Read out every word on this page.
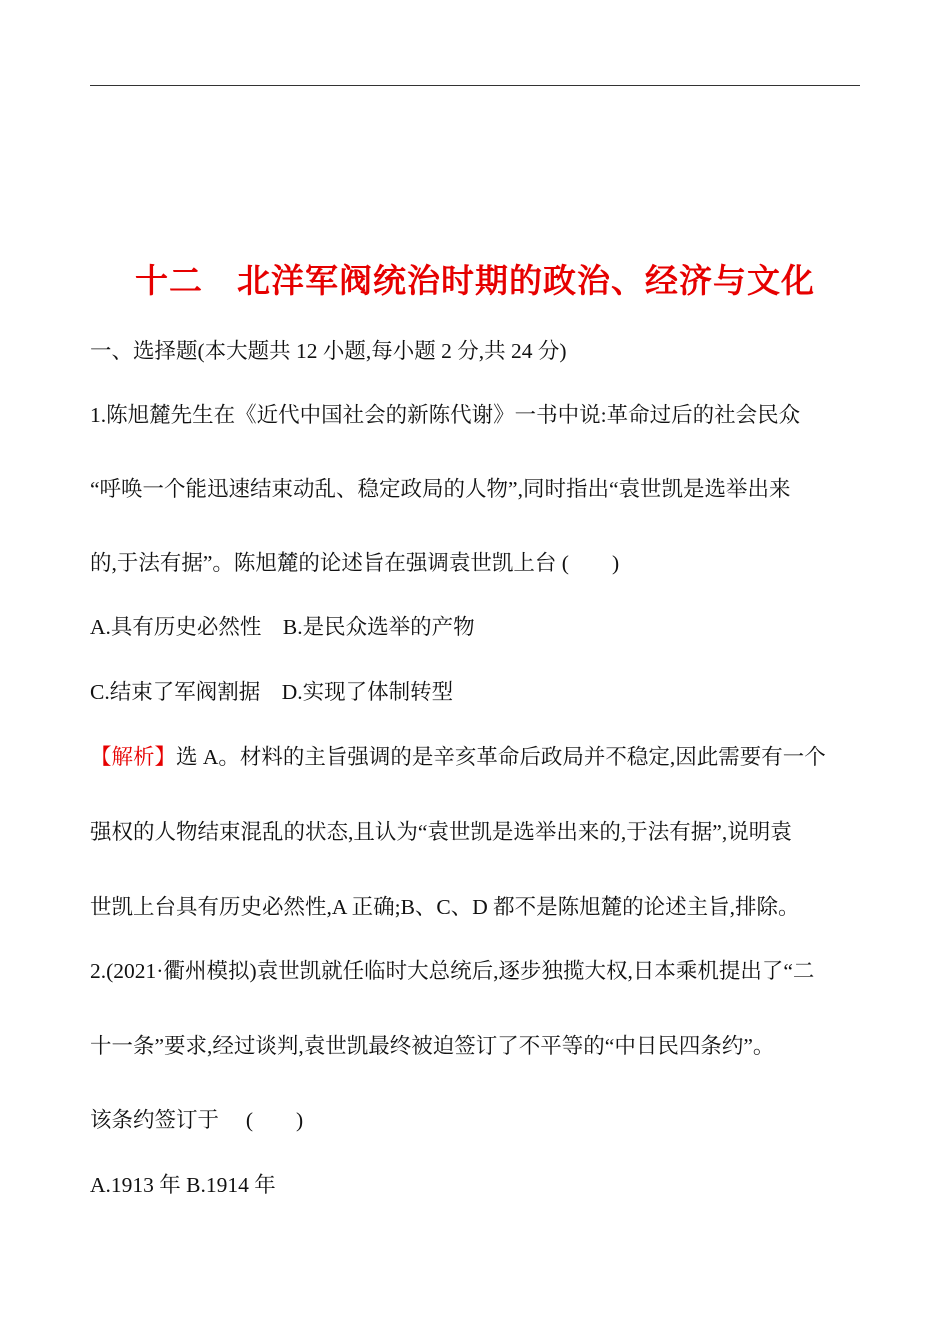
十二　北洋军阀统治时期的政治、经济与文化
一、选择题(本大题共 12 小题,每小题 2 分,共 24 分)
1.陈旭麓先生在《近代中国社会的新陈代谢》一书中说:革命过后的社会民众
“呼唤一个能迅速结束动乱、稳定政局的人物”,同时指出“袁世凯是选举出来
的,于法有据”。陈旭麓的论述旨在强调袁世凯上台 (　　)
A.具有历史必然性　B.是民众选举的产物
C.结束了军阀割据　D.实现了体制转型
【解析】选 A。材料的主旨强调的是辛亥革命后政局并不稳定,因此需要有一个
强权的人物结束混乱的状态,且认为“袁世凯是选举出来的,于法有据”,说明袁
世凯上台具有历史必然性,A 正确;B、C、D 都不是陈旭麓的论述主旨,排除。
2.(2021·衢州模拟)袁世凯就任临时大总统后,逐步独揽大权,日本乘机提出了“二
十一条”要求,经过谈判,袁世凯最终被迫签订了不平等的“中日民四条约”。
该条约签订于　 (　　)
A.1913 年 B.1914 年
